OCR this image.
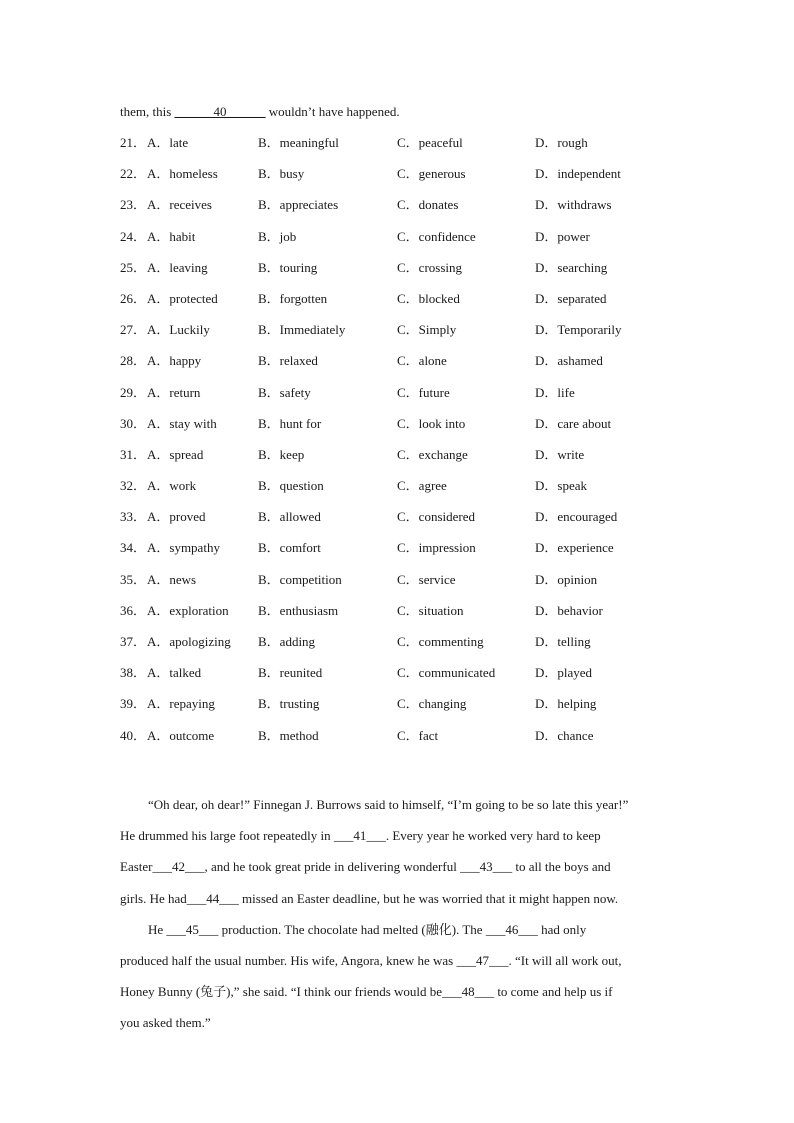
them, this ______40______ wouldn’t have happened.
21． A．late	B．meaningful	C．peaceful	D．rough
22． A．homeless	B．busy	C．generous	D．independent
23． A．receives	B．appreciates	C．donates	D．withdraws
24． A．habit	B．job	C．confidence	D．power
25． A．leaving	B．touring	C．crossing	D．searching
26． A．protected	B．forgotten	C．blocked	D．separated
27． A．Luckily	B．Immediately	C．Simply	D．Temporarily
28． A．happy	B．relaxed	C．alone	D．ashamed
29． A．return	B．safety	C．future	D．life
30． A．stay with	B．hunt for	C．look into	D．care about
31． A．spread	B．keep	C．exchange	D．write
32． A．work	B．question	C．agree	D．speak
33． A．proved	B．allowed	C．considered	D．encouraged
34． A．sympathy	B．comfort	C．impression	D．experience
35． A．news	B．competition	C．service	D．opinion
36． A．exploration B．enthusiasm	C．situation	D．behavior
37． A．apologizing B．adding	C．commenting	D．telling
38． A．talked	B．reunited	C．communicated	D．played
39． A．repaying	B．trusting	C．changing	D．helping
40． A．outcome	B．method	C．fact	D．chance

“Oh dear, oh dear!” Finnegan J. Burrows said to himself, “I’m going to be so late this year!”

He drummed his large foot repeatedly in ___41___. Every year he worked very hard to keep

Easter___42___, and he took great pride in delivering wonderful ___43___ to all the boys and

girls. He had___44___ missed an Easter deadline, but he was worried that it might happen now.

He ___45___ production. The chocolate had melted (融化). The ___46___ had only

produced half the usual number. His wife, Angora, knew he was ___47___. “It will all work out,

Honey Bunny (兔子),” she said. “I think our friends would be___48___ to come and help us if

you asked them.”
